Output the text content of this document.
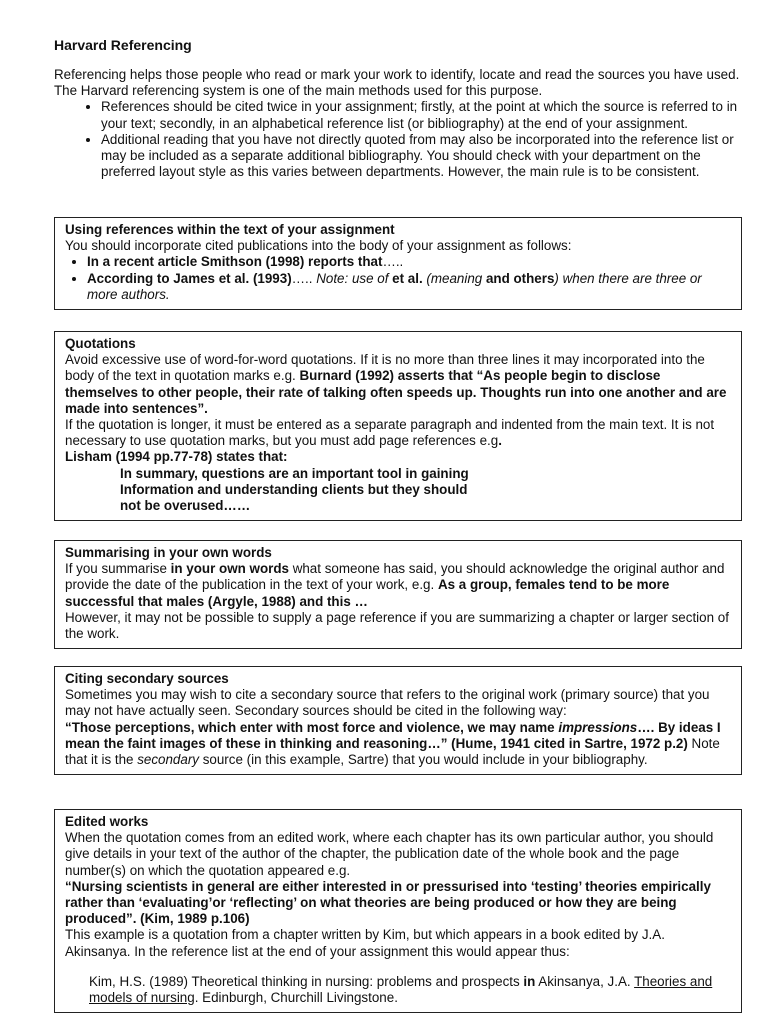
Harvard Referencing

Referencing helps those people who read or mark your work to identify, locate and read the sources you have used. The Harvard referencing system is one of the main methods used for this purpose.

• References should be cited twice in your assignment; firstly, at the point at which the source is referred to in your text; secondly, in an alphabetical reference list (or bibliography) at the end of your assignment.
• Additional reading that you have not directly quoted from may also be incorporated into the reference list or may be included as a separate additional bibliography. You should check with your department on the preferred layout style as this varies between departments. However, the main rule is to be consistent.
Using references within the text of your assignment

You should incorporate cited publications into the body of your assignment as follows:

• In a recent article Smithson (1998) reports that…..
• According to James et al. (1993)….. Note: use of et al. (meaning and others) when there are three or more authors.
Quotations

Avoid excessive use of word-for-word quotations. If it is no more than three lines it may incorporated into the body of the text in quotation marks e.g. Burnard (1992) asserts that “As people begin to disclose themselves to other people, their rate of talking often speeds up. Thoughts run into one another and are made into sentences”.

If the quotation is longer, it must be entered as a separate paragraph and indented from the main text. It is not necessary to use quotation marks, but you must add page references e.g.

Lisham (1994 pp.77-78) states that:

In summary, questions are an important tool in gaining

Information and understanding clients but they should

not be overused……

Summarising in your own words

If you summarise in your own words what someone has said, you should acknowledge the original author and provide the date of the publication in the text of your work, e.g. As a group, females tend to be more successful that males (Argyle, 1988) and this …

However, it may not be possible to supply a page reference if you are summarizing a chapter or larger section of the work.

Citing secondary sources

Sometimes you may wish to cite a secondary source that refers to the original work (primary source) that you may not have actually seen. Secondary sources should be cited in the following way:

“Those perceptions, which enter with most force and violence, we may name impressions…. By ideas I mean the faint images of these in thinking and reasoning…” (Hume, 1941 cited in Sartre, 1972 p.2) Note that it is the secondary source (in this example, Sartre) that you would include in your bibliography.

Edited works

When the quotation comes from an edited work, where each chapter has its own particular author, you should give details in your text of the author of the chapter, the publication date of the whole book and the page number(s) on which the quotation appeared e.g.

“Nursing scientists in general are either interested in or pressurised into ‘testing’ theories empirically rather than ‘evaluating’or ‘reflecting’ on what theories are being produced or how they are being produced”. (Kim, 1989 p.106)

This example is a quotation from a chapter written by Kim, but which appears in a book edited by J.A. Akinsanya. In the reference list at the end of your assignment this would appear thus:

Kim, H.S. (1989) Theoretical thinking in nursing: problems and prospects in Akinsanya, J.A. Theories and models of nursing. Edinburgh, Churchill Livingstone.
